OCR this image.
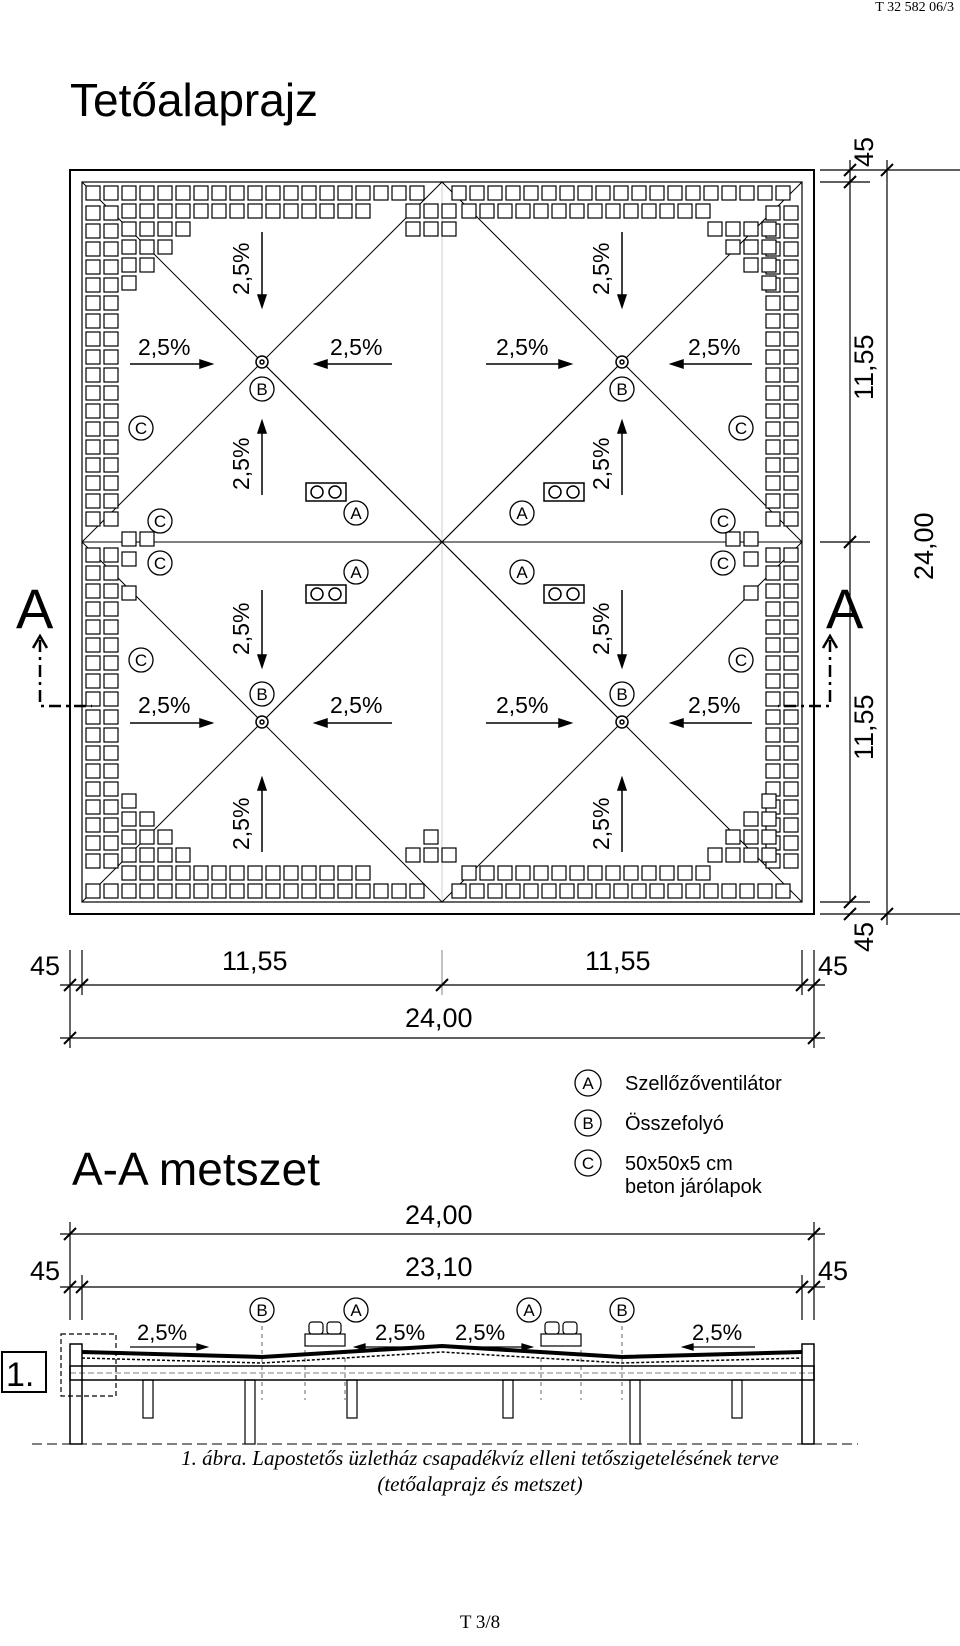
T 32 582 06/3
Tetőalaprajz
A-A metszet
2,5%	2,5%	2,5%	2,5%
2,5%	2,5%	2,5%	2,5%
2,5%	2,5%
2,5%	2,5%
2,5%	2,5%
2,5%	2,5%
B	B
B	B
A	A
A	A
C	C
C	C
C	C
C	C
A	A
45
11,55
24,00
11,55
45
45	11,55	11,55	45
24,00
A Szellőzőventilátor
B Összefolyó
C 50x50x5 cm
beton járólapok
24,00
23,10
45	45
2,5%	2,5% 2,5%	2,5%
B	A	A	B
1.
1. ábra. Lapostetős üzletház csapadékvíz elleni tetőszigetelésének terve
(tetőalaprajz és metszet)
T 3/8
